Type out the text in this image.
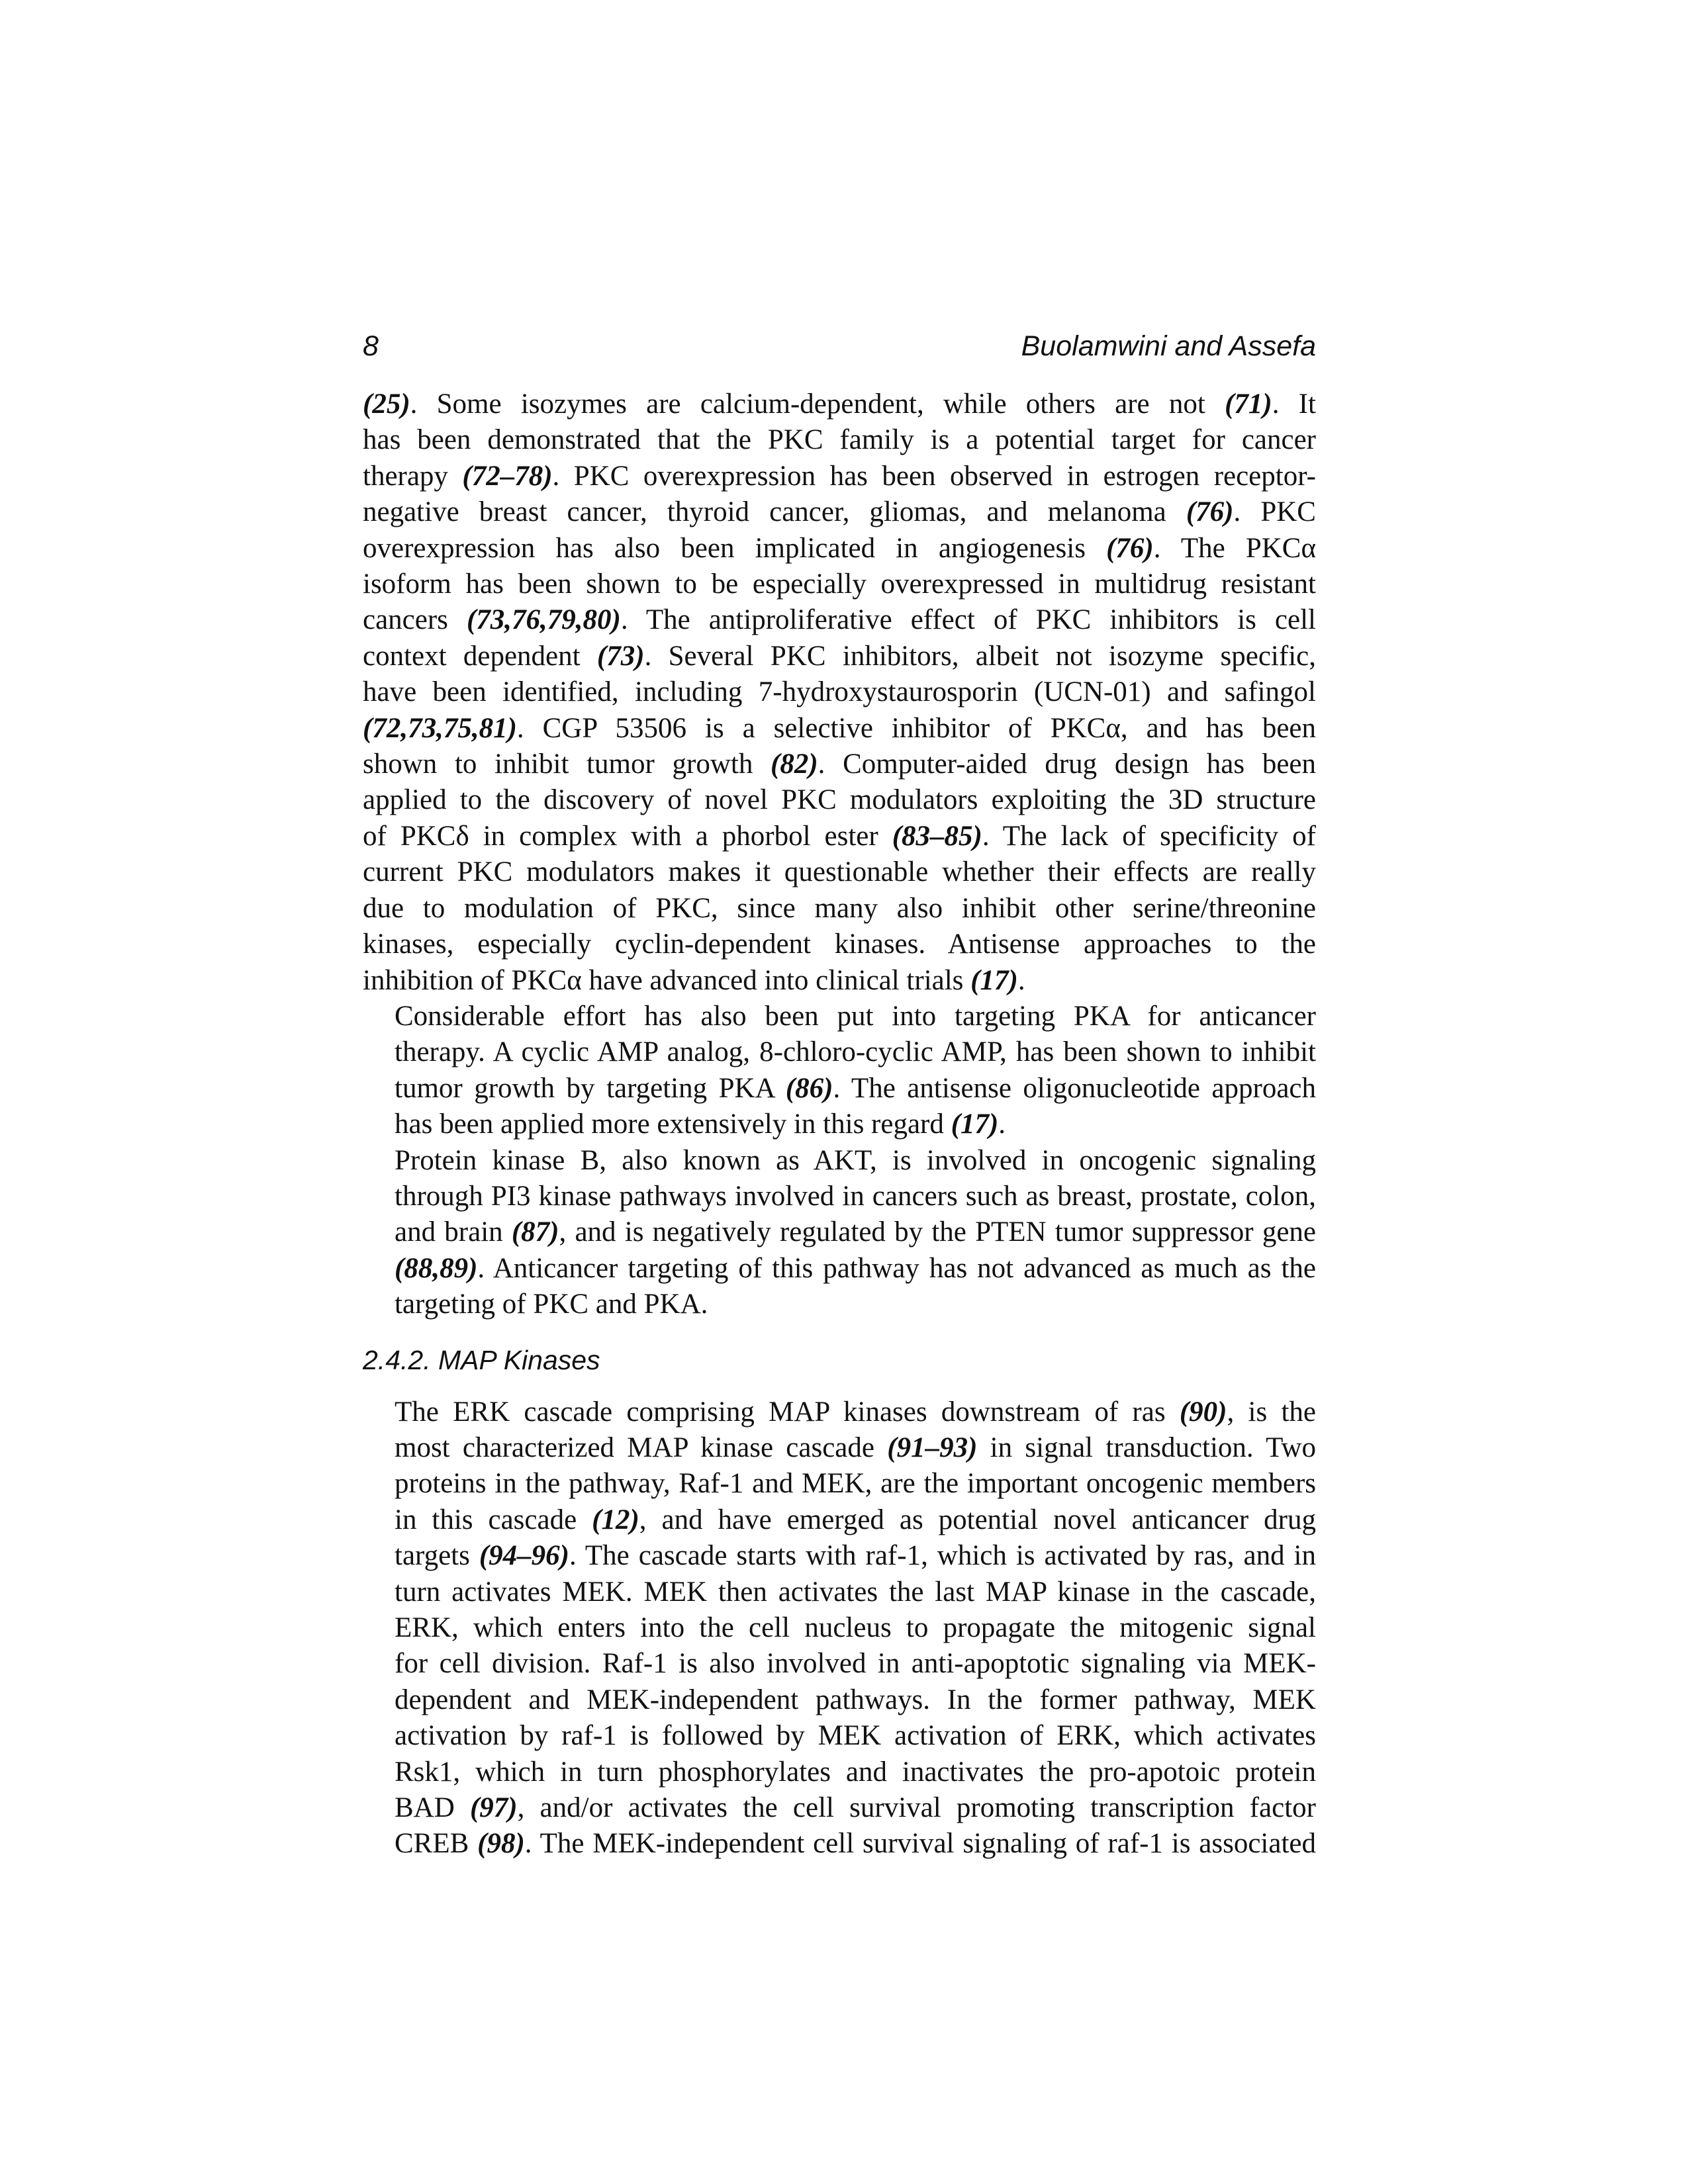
8	Buolamwini and Assefa

(25). Some isozymes are calcium-dependent, while others are not (71). It
has been demonstrated that the PKC family is a potential target for cancer
therapy (72–78). PKC overexpression has been observed in estrogen receptor-
negative breast cancer, thyroid cancer, gliomas, and melanoma (76). PKC
overexpression has also been implicated in angiogenesis (76). The PKCα
isoform has been shown to be especially overexpressed in multidrug resistant
cancers (73,76,79,80). The antiproliferative effect of PKC inhibitors is cell
context dependent (73). Several PKC inhibitors, albeit not isozyme specific,
have been identified, including 7-hydroxystaurosporin (UCN-01) and safingol
(72,73,75,81). CGP 53506 is a selective inhibitor of PKCα, and has been
shown to inhibit tumor growth (82). Computer-aided drug design has been
applied to the discovery of novel PKC modulators exploiting the 3D structure
of PKCδ in complex with a phorbol ester (83–85). The lack of specificity of
current PKC modulators makes it questionable whether their effects are really
due to modulation of PKC, since many also inhibit other serine/threonine
kinases, especially cyclin-dependent kinases. Antisense approaches to the
inhibition of PKCα have advanced into clinical trials (17).

Considerable effort has also been put into targeting PKA for anticancer
therapy. A cyclic AMP analog, 8-chloro-cyclic AMP, has been shown to inhibit
tumor growth by targeting PKA (86). The antisense oligonucleotide approach
has been applied more extensively in this regard (17).

Protein kinase B, also known as AKT, is involved in oncogenic signaling
through PI3 kinase pathways involved in cancers such as breast, prostate, colon,
and brain (87), and is negatively regulated by the PTEN tumor suppressor gene
(88,89). Anticancer targeting of this pathway has not advanced as much as the
targeting of PKC and PKA.

2.4.2. MAP Kinases

The ERK cascade comprising MAP kinases downstream of ras (90), is the
most characterized MAP kinase cascade (91–93) in signal transduction. Two
proteins in the pathway, Raf-1 and MEK, are the important oncogenic members
in this cascade (12), and have emerged as potential novel anticancer drug
targets (94–96). The cascade starts with raf-1, which is activated by ras, and in
turn activates MEK. MEK then activates the last MAP kinase in the cascade,
ERK, which enters into the cell nucleus to propagate the mitogenic signal
for cell division. Raf-1 is also involved in anti-apoptotic signaling via MEK-
dependent and MEK-independent pathways. In the former pathway, MEK
activation by raf-1 is followed by MEK activation of ERK, which activates
Rsk1, which in turn phosphorylates and inactivates the pro-apotoic protein
BAD (97), and/or activates the cell survival promoting transcription factor
CREB (98). The MEK-independent cell survival signaling of raf-1 is associated
